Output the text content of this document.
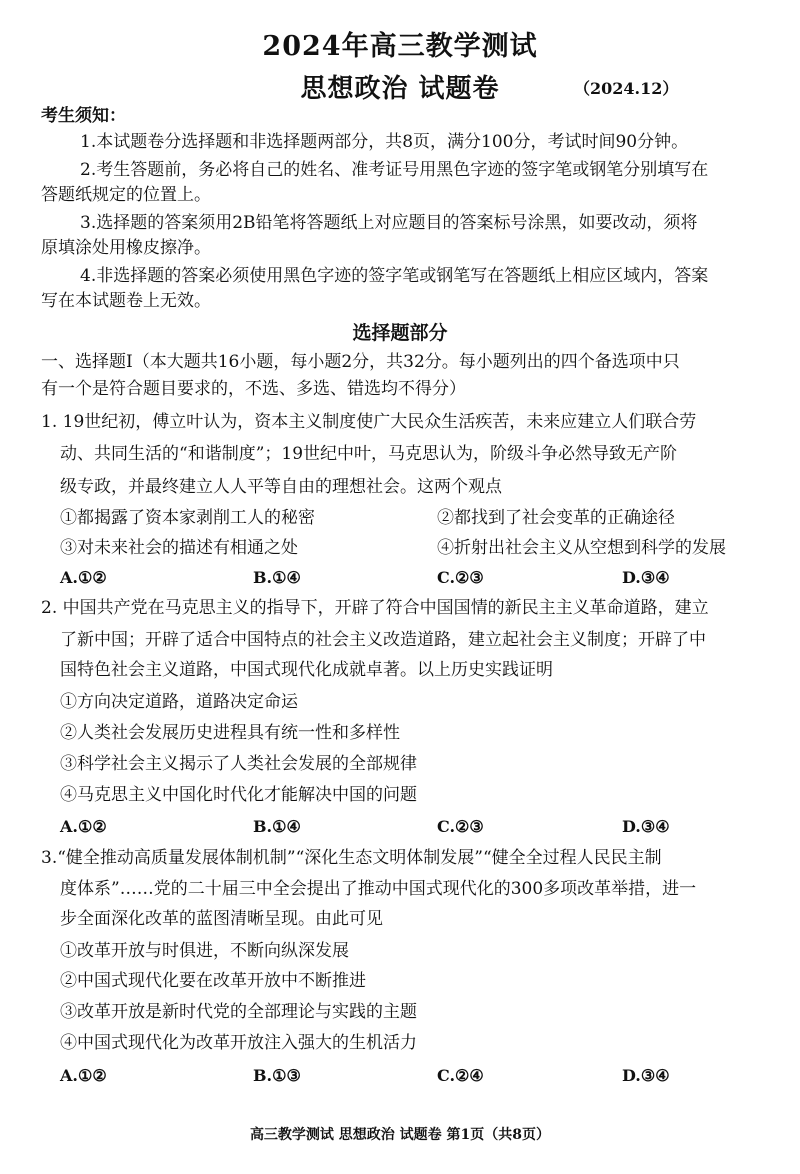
2024年高三教学测试
思想政治 试题卷	（2024.12）
考生须知：
1.本试题卷分选择题和非选择题两部分，共8页，满分100分，考试时间90分钟。
2.考生答题前，务必将自己的姓名、准考证号用黑色字迹的签字笔或钢笔分别填写在
答题纸规定的位置上。
3.选择题的答案须用2B铅笔将答题纸上对应题目的答案标号涂黑，如要改动，须将
原填涂处用橡皮擦净。
4.非选择题的答案必须使用黑色字迹的签字笔或钢笔写在答题纸上相应区域内，答案
写在本试题卷上无效。
选择题部分
一、选择题Ⅰ（本大题共16小题，每小题2分，共32分。每小题列出的四个备选项中只
有一个是符合题目要求的，不选、多选、错选均不得分）
1. 19世纪初，傅立叶认为，资本主义制度使广大民众生活疾苦，未来应建立人们联合劳
动、共同生活的“和谐制度”；19世纪中叶，马克思认为，阶级斗争必然导致无产阶
级专政，并最终建立人人平等自由的理想社会。这两个观点
①都揭露了资本家剥削工人的秘密	②都找到了社会变革的正确途径
③对未来社会的描述有相通之处	④折射出社会主义从空想到科学的发展
A.①②	B.①④	C.②③	D.③④
2. 中国共产党在马克思主义的指导下，开辟了符合中国国情的新民主主义革命道路，建立
了新中国；开辟了适合中国特点的社会主义改造道路，建立起社会主义制度；开辟了中
国特色社会主义道路，中国式现代化成就卓著。以上历史实践证明
①方向决定道路，道路决定命运
②人类社会发展历史进程具有统一性和多样性
③科学社会主义揭示了人类社会发展的全部规律
④马克思主义中国化时代化才能解决中国的问题
A.①②	B.①④	C.②③	D.③④
3.“健全推动高质量发展体制机制”“深化生态文明体制发展”“健全全过程人民民主制
度体系”……党的二十届三中全会提出了推动中国式现代化的300多项改革举措，进一
步全面深化改革的蓝图清晰呈现。由此可见
①改革开放与时俱进，不断向纵深发展
②中国式现代化要在改革开放中不断推进
③改革开放是新时代党的全部理论与实践的主题
④中国式现代化为改革开放注入强大的生机活力
A.①②	B.①③	C.②④	D.③④
高三教学测试 思想政治 试题卷 第1页（共8页）
